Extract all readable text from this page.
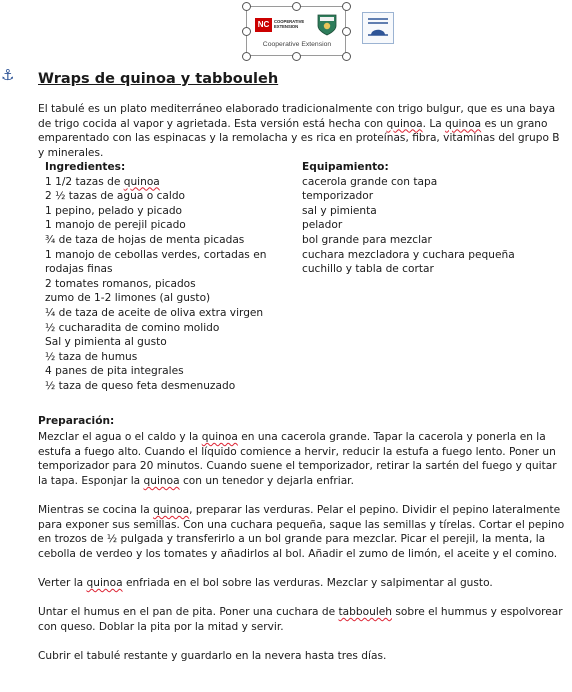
NC	COOPERATIVE
EXTENSION
Cooperative Extension
⚓ Wraps de quinoa y tabbouleh

El tabulé es un plato mediterráneo elaborado tradicionalmente con trigo bulgur, que es una baya de trigo cocida al vapor y agrietada. Esta versión está hecha con quinoa. La quinoa es un grano emparentado con las espinacas y la remolacha y es rica en proteínas, fibra, vitaminas del grupo B y minerales.

Ingredientes:
1 1/2 tazas de quinoa
2 ½ tazas de agua o caldo
1 pepino, pelado y picado
1 manojo de perejil picado
¾ de taza de hojas de menta picadas
1 manojo de cebollas verdes, cortadas en
rodajas finas
2 tomates romanos, picados
zumo de 1-2 limones (al gusto)
¼ de taza de aceite de oliva extra virgen
½ cucharadita de comino molido
Sal y pimienta al gusto
½ taza de humus
4 panes de pita integrales
½ taza de queso feta desmenuzado
Equipamiento:
cacerola grande con tapa
temporizador
sal y pimienta
pelador
bol grande para mezclar
cuchara mezcladora y cuchara pequeña
cuchillo y tabla de cortar
Preparación:

Mezclar el agua o el caldo y la quinoa en una cacerola grande. Tapar la cacerola y ponerla en la estufa a fuego alto. Cuando el líquido comience a hervir, reducir la estufa a fuego lento. Poner un temporizador para 20 minutos. Cuando suene el temporizador, retirar la sartén del fuego y quitar la tapa. Esponjar la quinoa con un tenedor y dejarla enfriar.

Mientras se cocina la quinoa, preparar las verduras. Pelar el pepino. Dividir el pepino lateralmente para exponer sus semillas. Con una cuchara pequeña, saque las semillas y tírelas. Cortar el pepino en trozos de ½ pulgada y transferirlo a un bol grande para mezclar. Picar el perejil, la menta, la cebolla de verdeo y los tomates y añadirlos al bol. Añadir el zumo de limón, el aceite y el comino.

Verter la quinoa enfriada en el bol sobre las verduras. Mezclar y salpimentar al gusto.

Untar el humus en el pan de pita. Poner una cuchara de tabbouleh sobre el hummus y espolvorear con queso. Doblar la pita por la mitad y servir.

Cubrir el tabulé restante y guardarlo en la nevera hasta tres días.
